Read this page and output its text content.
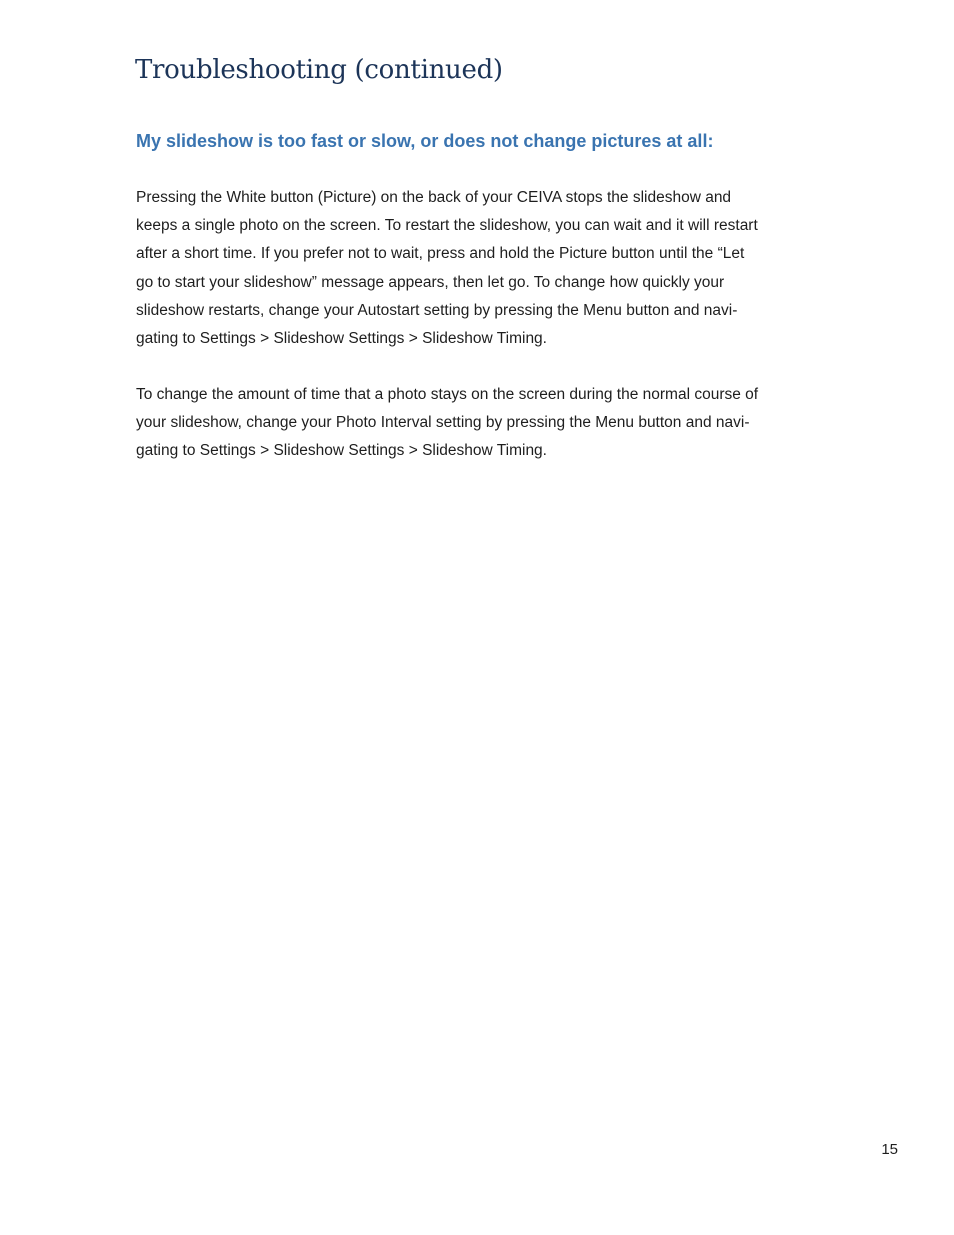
Troubleshooting (continued)
My slideshow is too fast or slow, or does not change pictures at all:

Pressing the White button (Picture) on the back of your CEIVA stops the slideshow and
keeps a single photo on the screen. To restart the slideshow, you can wait and it will restart
after a short time. If you prefer not to wait, press and hold the Picture button until the “Let
go to start your slideshow” message appears, then let go. To change how quickly your
slideshow restarts, change your Autostart setting by pressing the Menu button and navi-
gating to Settings > Slideshow Settings > Slideshow Timing.

To change the amount of time that a photo stays on the screen during the normal course of
your slideshow, change your Photo Interval setting by pressing the Menu button and navi-
gating to Settings > Slideshow Settings > Slideshow Timing.

15
